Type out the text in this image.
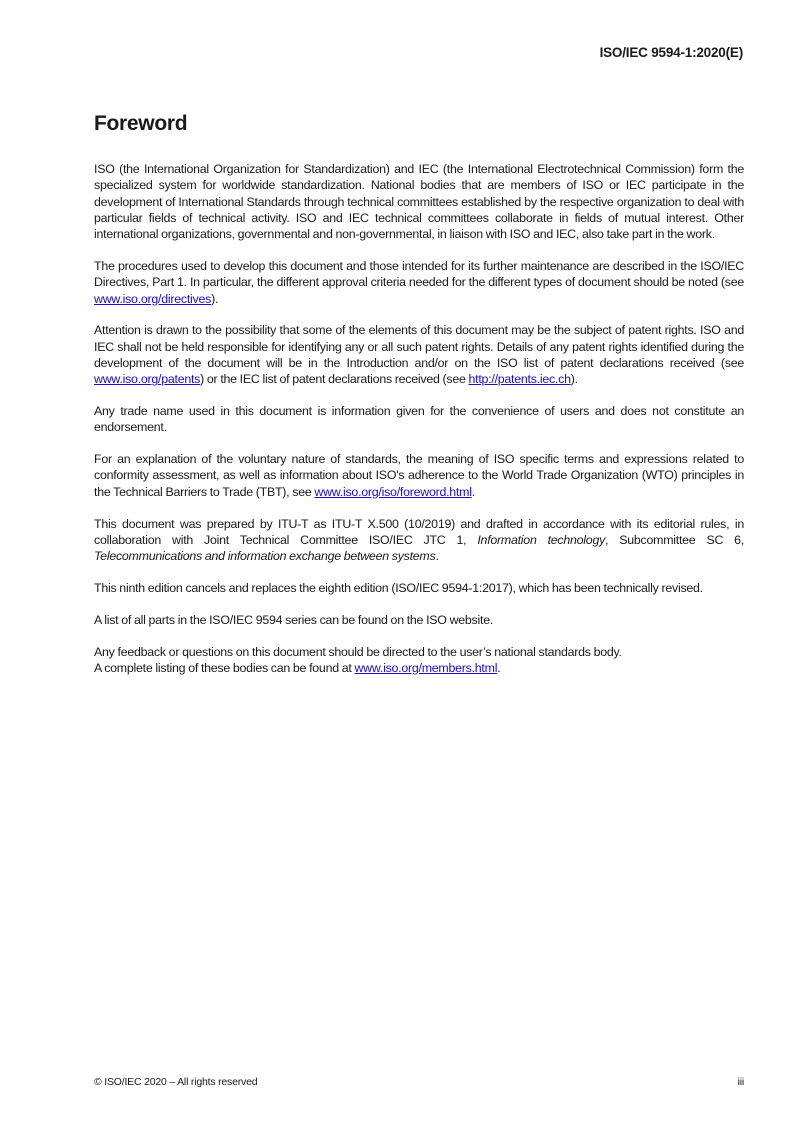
ISO/IEC 9594-1:2020(E)
Foreword

ISO (the International Organization for Standardization) and IEC (the International Electrotechnical Commission) form the specialized system for worldwide standardization. National bodies that are members of ISO or IEC participate in the development of International Standards through technical committees established by the respective organization to deal with particular fields of technical activity. ISO and IEC technical committees collaborate in fields of mutual interest. Other international organizations, governmental and non-governmental, in liaison with ISO and IEC, also take part in the work.

The procedures used to develop this document and those intended for its further maintenance are described in the ISO/IEC Directives, Part 1. In particular, the different approval criteria needed for the different types of document should be noted (see www.iso.org/directives).

Attention is drawn to the possibility that some of the elements of this document may be the subject of patent rights. ISO and IEC shall not be held responsible for identifying any or all such patent rights. Details of any patent rights identified during the development of the document will be in the Introduction and/or on the ISO list of patent declarations received (see www.iso.org/patents) or the IEC list of patent declarations received (see http://patents.iec.ch).

Any trade name used in this document is information given for the convenience of users and does not constitute an endorsement.

For an explanation of the voluntary nature of standards, the meaning of ISO specific terms and expressions related to conformity assessment, as well as information about ISO's adherence to the World Trade Organization (WTO) principles in the Technical Barriers to Trade (TBT), see www.iso.org/iso/foreword.html.

This document was prepared by ITU-T as ITU-T X.500 (10/2019) and drafted in accordance with its editorial rules, in collaboration with Joint Technical Committee ISO/IEC JTC 1, Information technology, Subcommittee SC 6, Telecommunications and information exchange between systems.

This ninth edition cancels and replaces the eighth edition (ISO/IEC 9594-1:2017), which has been technically revised.

A list of all parts in the ISO/IEC 9594 series can be found on the ISO website.

Any feedback or questions on this document should be directed to the user’s national standards body.
A complete listing of these bodies can be found at www.iso.org/members.html.

© ISO/IEC 2020 – All rights reserved	iii
